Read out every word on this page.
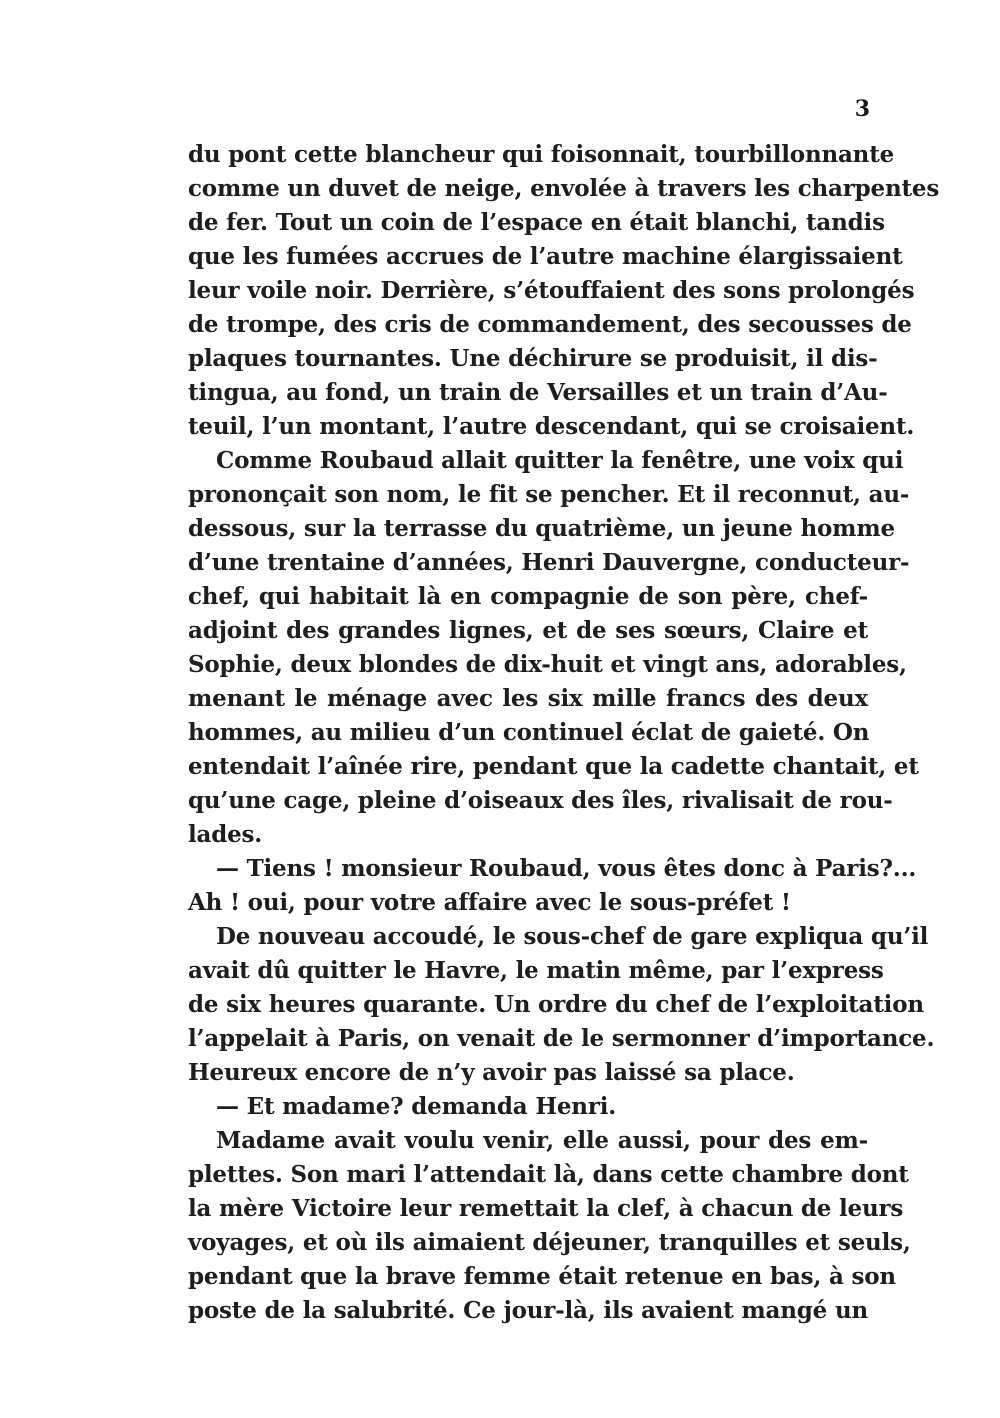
3
du pont cette blancheur qui foisonnait, tourbillonnante
comme un duvet de neige, envolée à travers les charpentes
de fer. Tout un coin de l’espace en était blanchi, tandis
que les fumées accrues de l’autre machine élargissaient
leur voile noir. Derrière, s’étouffaient des sons prolongés
de trompe, des cris de commandement, des secousses de
plaques tournantes. Une déchirure se produisit, il dis-
tingua, au fond, un train de Versailles et un train d’Au-
teuil, l’un montant, l’autre descendant, qui se croisaient.
Comme Roubaud allait quitter la fenêtre, une voix qui
prononçait son nom, le fit se pencher. Et il reconnut, au-
dessous, sur la terrasse du quatrième, un jeune homme
d’une trentaine d’années, Henri Dauvergne, conducteur-
chef, qui habitait là en compagnie de son père, chef-
adjoint des grandes lignes, et de ses sœurs, Claire et
Sophie, deux blondes de dix-huit et vingt ans, adorables,
menant le ménage avec les six mille francs des deux
hommes, au milieu d’un continuel éclat de gaieté. On
entendait l’aînée rire, pendant que la cadette chantait, et
qu’une cage, pleine d’oiseaux des îles, rivalisait de rou-
lades.
— Tiens ! monsieur Roubaud, vous êtes donc à Paris?...
Ah ! oui, pour votre affaire avec le sous-préfet !
De nouveau accoudé, le sous-chef de gare expliqua qu’il
avait dû quitter le Havre, le matin même, par l’express
de six heures quarante. Un ordre du chef de l’exploitation
l’appelait à Paris, on venait de le sermonner d’importance.
Heureux encore de n’y avoir pas laissé sa place.
— Et madame? demanda Henri.
Madame avait voulu venir, elle aussi, pour des em-
plettes. Son mari l’attendait là, dans cette chambre dont
la mère Victoire leur remettait la clef, à chacun de leurs
voyages, et où ils aimaient déjeuner, tranquilles et seuls,
pendant que la brave femme était retenue en bas, à son
poste de la salubrité. Ce jour-là, ils avaient mangé un
